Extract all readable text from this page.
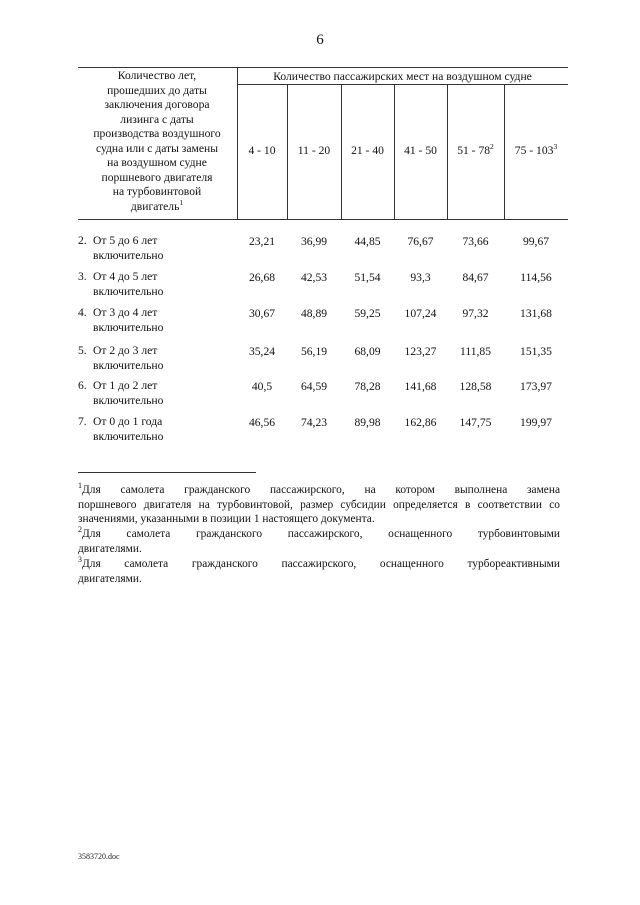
6
Количество лет,
прошедших до даты
заключения договора
лизинга с даты
производства воздушного
судна или с даты замены
на воздушном судне
поршневого двигателя
на турбовинтовой
двигатель$^1$
Количество пассажирских мест на воздушном судне
4 - 10	11 - 20	21 - 40	41 - 50	$51 - 78^2$	$75 - 103^3$
2. От 5 до 6 лет
включительно
23,21	36,99	44,85	76,67	73,66	99,67
3. От 4 до 5 лет
включительно
26,68	42,53	51,54	93,3	84,67	114,56
4. От 3 до 4 лет
включительно
30,67	48,89	59,25	107,24	97,32	131,68
5. От 2 до 3 лет
включительно
35,24	56,19	68,09	123,27	111,85	151,35
6. От 1 до 2 лет
включительно
40,5	64,59	78,28	141,68	128,58	173,97
7. От 0 до 1 года
включительно
46,56	74,23	89,98	162,86	147,75	199,97
$^1$Для самолета гражданского пассажирского, на котором выполнена замена
поршневого двигателя на турбовинтовой, размер субсидии определяется в соответствии со значениями, указанными в позиции 1 настоящего документа.
$^2$Для самолета гражданского пассажирского, оснащенного турбовинтовыми
двигателями.
$^3$Для самолета гражданского пассажирского, оснащенного турбореактивными
двигателями.
3583720.doc
